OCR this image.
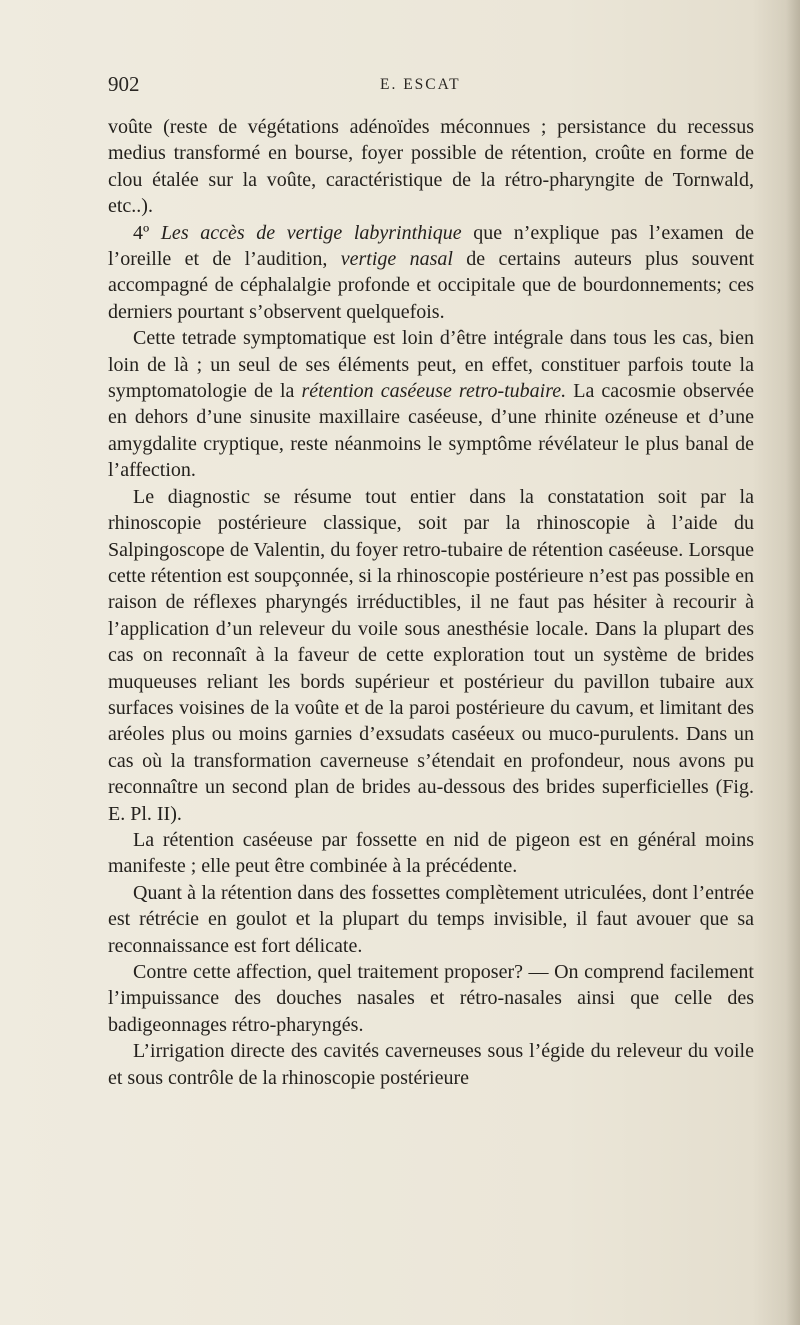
902	E. ESCAT

voûte (reste de végétations adénoïdes méconnues ; persistance du recessus medius transformé en bourse, foyer possible de rétention, croûte en forme de clou étalée sur la voûte, caractéristique de la rétro-pharyngite de Tornwald, etc..).

4º Les accès de vertige labyrinthique que n’explique pas l’examen de l’oreille et de l’audition, vertige nasal de certains auteurs plus souvent accompagné de céphalalgie profonde et occipitale que de bourdonnements; ces derniers pourtant s’observent quelquefois.

Cette tetrade symptomatique est loin d’être intégrale dans tous les cas, bien loin de là ; un seul de ses éléments peut, en effet, constituer parfois toute la symptomatologie de la rétention caséeuse retro-tubaire. La cacosmie observée en dehors d’une sinusite maxillaire caséeuse, d’une rhinite ozéneuse et d’une amygdalite cryptique, reste néanmoins le symptôme révélateur le plus banal de l’affection.

Le diagnostic se résume tout entier dans la constatation soit par la rhinoscopie postérieure classique, soit par la rhinoscopie à l’aide du Salpingoscope de Valentin, du foyer retro-tubaire de rétention caséeuse. Lorsque cette rétention est soupçonnée, si la rhinoscopie postérieure n’est pas possible en raison de réflexes pharyngés irréductibles, il ne faut pas hésiter à recourir à l’application d’un releveur du voile sous anesthésie locale. Dans la plupart des cas on reconnaît à la faveur de cette exploration tout un système de brides muqueuses reliant les bords supérieur et postérieur du pavillon tubaire aux surfaces voisines de la voûte et de la paroi postérieure du cavum, et limitant des aréoles plus ou moins garnies d’exsudats caséeux ou muco-purulents. Dans un cas où la transformation caverneuse s’étendait en profondeur, nous avons pu reconnaître un second plan de brides au-dessous des brides superficielles (Fig. E. Pl. II).

La rétention caséeuse par fossette en nid de pigeon est en général moins manifeste ; elle peut être combinée à la précédente.

Quant à la rétention dans des fossettes complètement utriculées, dont l’entrée est rétrécie en goulot et la plupart du temps invisible, il faut avouer que sa reconnaissance est fort délicate.

Contre cette affection, quel traitement proposer? — On comprend facilement l’impuissance des douches nasales et rétro-nasales ainsi que celle des badigeonnages rétro-pharyngés.

L’irrigation directe des cavités caverneuses sous l’égide du releveur du voile et sous contrôle de la rhinoscopie postérieure
